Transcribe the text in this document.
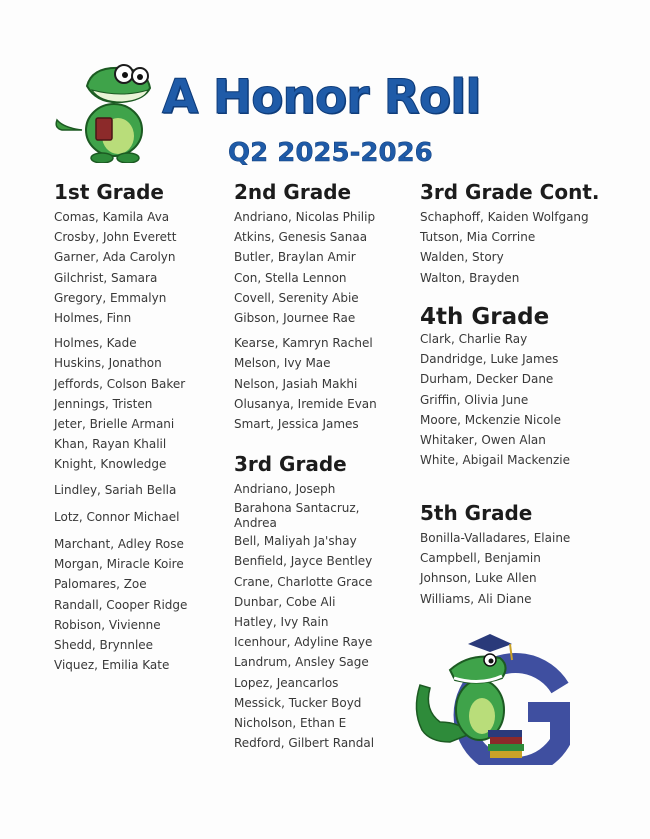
A Honor Roll
Q2 2025-2026
1st Grade
Comas, Kamila Ava
Crosby, John Everett
Garner, Ada Carolyn
Gilchrist, Samara
Gregory, Emmalyn
Holmes, Finn
Holmes, Kade
Huskins, Jonathon
Jeffords, Colson Baker
Jennings, Tristen
Jeter, Brielle Armani
Khan, Rayan Khalil
Knight, Knowledge
Lindley, Sariah Bella
Lotz, Connor Michael
Marchant, Adley Rose
Morgan, Miracle Koire
Palomares, Zoe
Randall, Cooper Ridge
Robison, Vivienne
Shedd, Brynnlee
Viquez, Emilia Kate
2nd Grade
Andriano, Nicolas Philip
Atkins, Genesis Sanaa
Butler, Braylan Amir
Con, Stella Lennon
Covell, Serenity Abie
Gibson, Journee Rae
Kearse, Kamryn Rachel
Melson, Ivy Mae
Nelson, Jasiah Makhi
Olusanya, Iremide Evan
Smart, Jessica James
3rd Grade
Andriano, Joseph
Barahona Santacruz, Andrea
Bell, Maliyah Ja'shay
Benfield, Jayce Bentley
Crane, Charlotte Grace
Dunbar, Cobe Ali
Hatley, Ivy Rain
Icenhour, Adyline Raye
Landrum, Ansley Sage
Lopez, Jeancarlos
Messick, Tucker Boyd
Nicholson, Ethan E
Redford, Gilbert Randal
3rd Grade Cont.
Schaphoff, Kaiden Wolfgang
Tutson, Mia Corrine
Walden, Story
Walton, Brayden
4th Grade
Clark, Charlie Ray
Dandridge, Luke James
Durham, Decker Dane
Griffin, Olivia June
Moore, Mckenzie Nicole
Whitaker, Owen Alan
White, Abigail Mackenzie
5th Grade
Bonilla-Valladares, Elaine
Campbell, Benjamin
Johnson, Luke Allen
Williams, Ali Diane
